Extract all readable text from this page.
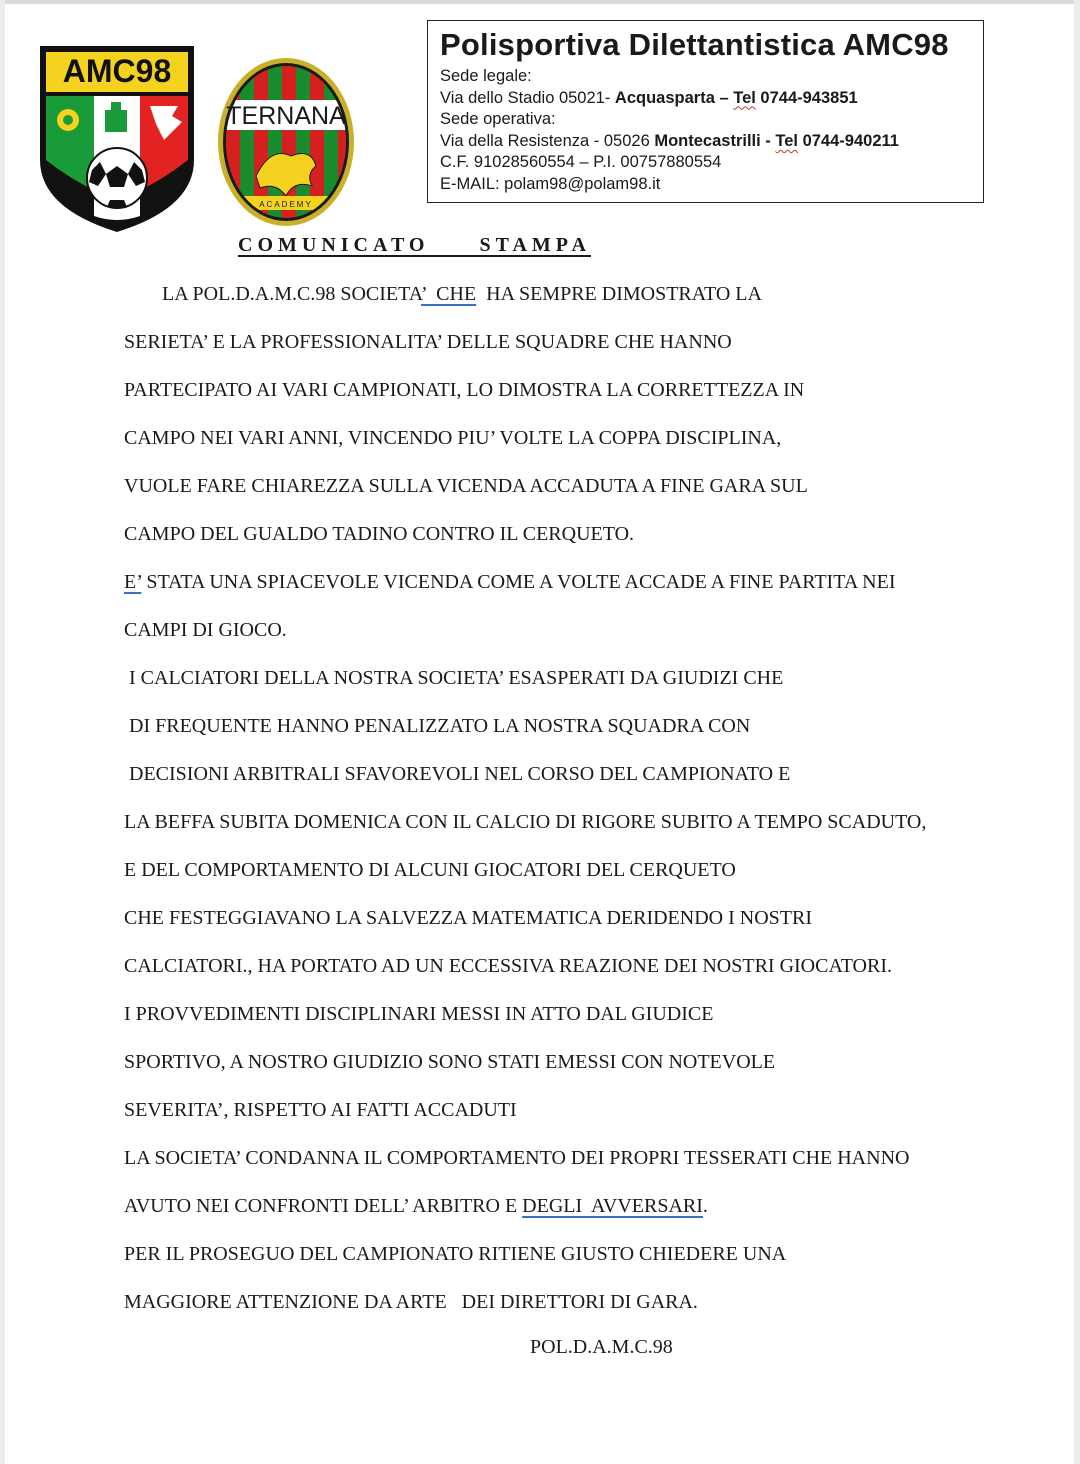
AMC98
TERNANA
ACADEMY
Polisportiva Dilettantistica AMC98
Sede legale:
Via dello Stadio 05021- Acquasparta – Tel 0744-943851
Sede operativa:
Via della Resistenza - 05026 Montecastrilli - Tel 0744-940211
C.F. 91028560554 – P.I. 00757880554
E-MAIL: polam98@polam98.it
COMUNICATO     STAMPA
LA POL.D.A.M.C.98 SOCIETA’  CHE  HA SEMPRE DIMOSTRATO LA
SERIETA’ E LA PROFESSIONALITA’ DELLE SQUADRE CHE HANNO
PARTECIPATO AI VARI CAMPIONATI, LO DIMOSTRA LA CORRETTEZZA IN
CAMPO NEI VARI ANNI, VINCENDO PIU’ VOLTE LA COPPA DISCIPLINA,
VUOLE FARE CHIAREZZA SULLA VICENDA ACCADUTA A FINE GARA SUL
CAMPO DEL GUALDO TADINO CONTRO IL CERQUETO.
E’ STATA UNA SPIACEVOLE VICENDA COME A VOLTE ACCADE A FINE PARTITA NEI
CAMPI DI GIOCO.
I CALCIATORI DELLA NOSTRA SOCIETA’ ESASPERATI DA GIUDIZI CHE
DI FREQUENTE HANNO PENALIZZATO LA NOSTRA SQUADRA CON
DECISIONI ARBITRALI SFAVOREVOLI NEL CORSO DEL CAMPIONATO E
LA BEFFA SUBITA DOMENICA CON IL CALCIO DI RIGORE SUBITO A TEMPO SCADUTO,
E DEL COMPORTAMENTO DI ALCUNI GIOCATORI DEL CERQUETO
CHE FESTEGGIAVANO LA SALVEZZA MATEMATICA DERIDENDO I NOSTRI
CALCIATORI., HA PORTATO AD UN ECCESSIVA REAZIONE DEI NOSTRI GIOCATORI.
I PROVVEDIMENTI DISCIPLINARI MESSI IN ATTO DAL GIUDICE
SPORTIVO, A NOSTRO GIUDIZIO SONO STATI EMESSI CON NOTEVOLE
SEVERITA’, RISPETTO AI FATTI ACCADUTI
LA SOCIETA’ CONDANNA IL COMPORTAMENTO DEI PROPRI TESSERATI CHE HANNO
AVUTO NEI CONFRONTI DELL’ ARBITRO E DEGLI  AVVERSARI.
PER IL PROSEGUO DEL CAMPIONATO RITIENE GIUSTO CHIEDERE UNA
MAGGIORE ATTENZIONE DA ARTE   DEI DIRETTORI DI GARA.
POL.D.A.M.C.98
